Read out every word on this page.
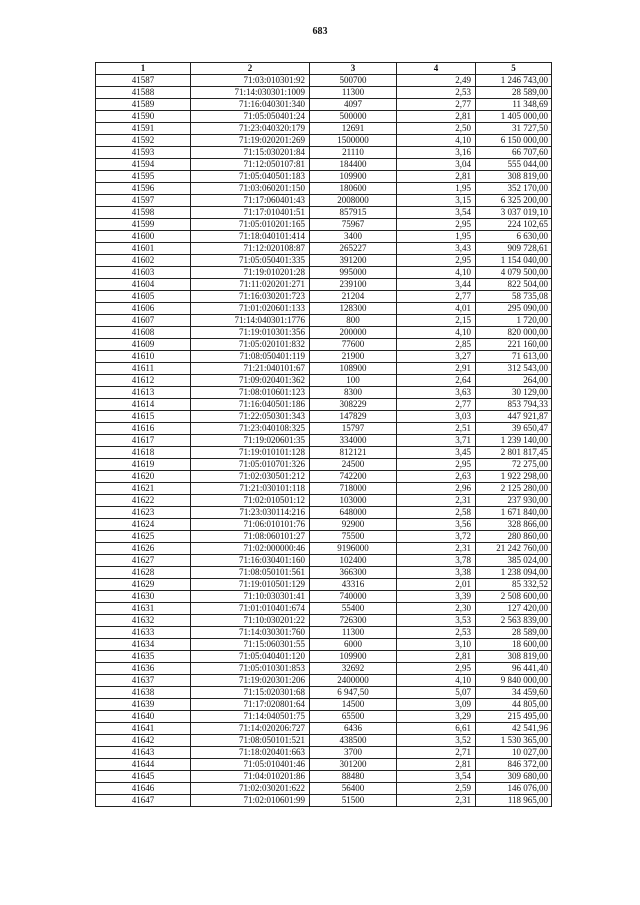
683
1	2	3	4	5
41587	71:03:010301:92	500700	2,49	1 246 743,00
41588	71:14:030301:1009	11300	2,53	28 589,00
41589	71:16:040301:340	4097	2,77	11 348,69
41590	71:05:050401:24	500000	2,81	1 405 000,00
41591	71:23:040320:179	12691	2,50	31 727,50
41592	71:19:020201:269	1500000	4,10	6 150 000,00
41593	71:15:030201:84	21110	3,16	66 707,60
41594	71:12:050107:81	184400	3,04	555 044,00
41595	71:05:040501:183	109900	2,81	308 819,00
41596	71:03:060201:150	180600	1,95	352 170,00
41597	71:17:060401:43	2008000	3,15	6 325 200,00
41598	71:17:010401:51	857915	3,54	3 037 019,10
41599	71:05:010201:165	75967	2,95	224 102,65
41600	71:18:040101:414	3400	1,95	6 630,00
41601	71:12:020108:87	265227	3,43	909 728,61
41602	71:05:050401:335	391200	2,95	1 154 040,00
41603	71:19:010201:28	995000	4,10	4 079 500,00
41604	71:11:020201:271	239100	3,44	822 504,00
41605	71:16:030201:723	21204	2,77	58 735,08
41606	71:01:020601:133	128300	4,01	295 090,00
41607	71:14:040301:1776	800	2,15	1 720,00
41608	71:19:010301:356	200000	4,10	820 000,00
41609	71:05:020101:832	77600	2,85	221 160,00
41610	71:08:050401:119	21900	3,27	71 613,00
41611	71:21:040101:67	108900	2,91	312 543,00
41612	71:09:020401:362	100	2,64	264,00
41613	71:08:010601:123	8300	3,63	30 129,00
41614	71:16:040501:186	308229	2,77	853 794,33
41615	71:22:050301:343	147829	3,03	447 921,87
41616	71:23:040108:325	15797	2,51	39 650,47
41617	71:19:020601:35	334000	3,71	1 239 140,00
41618	71:19:010101:128	812121	3,45	2 801 817,45
41619	71:05:010701:326	24500	2,95	72 275,00
41620	71:02:030501:212	742200	2,63	1 922 298,00
41621	71:21:030101:118	718000	2,96	2 125 280,00
41622	71:02:010501:12	103000	2,31	237 930,00
41623	71:23:030114:216	648000	2,58	1 671 840,00
41624	71:06:010101:76	92900	3,56	328 866,00
41625	71:08:060101:27	75500	3,72	280 860,00
41626	71:02:000000:46	9196000	2,31	21 242 760,00
41627	71:16:030401:160	102400	3,78	385 024,00
41628	71:08:050101:561	366300	3,38	1 238 094,00
41629	71:19:010501:129	43316	2,01	85 332,52
41630	71:10:030301:41	740000	3,39	2 508 600,00
41631	71:01:010401:674	55400	2,30	127 420,00
41632	71:10:030201:22	726300	3,53	2 563 839,00
41633	71:14:030301:760	11300	2,53	28 589,00
41634	71:15:060301:55	6000	3,10	18 600,00
41635	71:05:040401:120	109900	2,81	308 819,00
41636	71:05:010301:853	32692	2,95	96 441,40
41637	71:19:020301:206	2400000	4,10	9 840 000,00
41638	71:15:020301:68	6 947,50	5,07	34 459,60
41639	71:17:020801:64	14500	3,09	44 805,00
41640	71:14:040501:75	65500	3,29	215 495,00
41641	71:14:020206:727	6436	6,61	42 541,96
41642	71:08:050101:521	438500	3,52	1 530 365,00
41643	71:18:020401:663	3700	2,71	10 027,00
41644	71:05:010401:46	301200	2,81	846 372,00
41645	71:04:010201:86	88480	3,54	309 680,00
41646	71:02:030201:622	56400	2,59	146 076,00
41647	71:02:010601:99	51500	2,31	118 965,00
